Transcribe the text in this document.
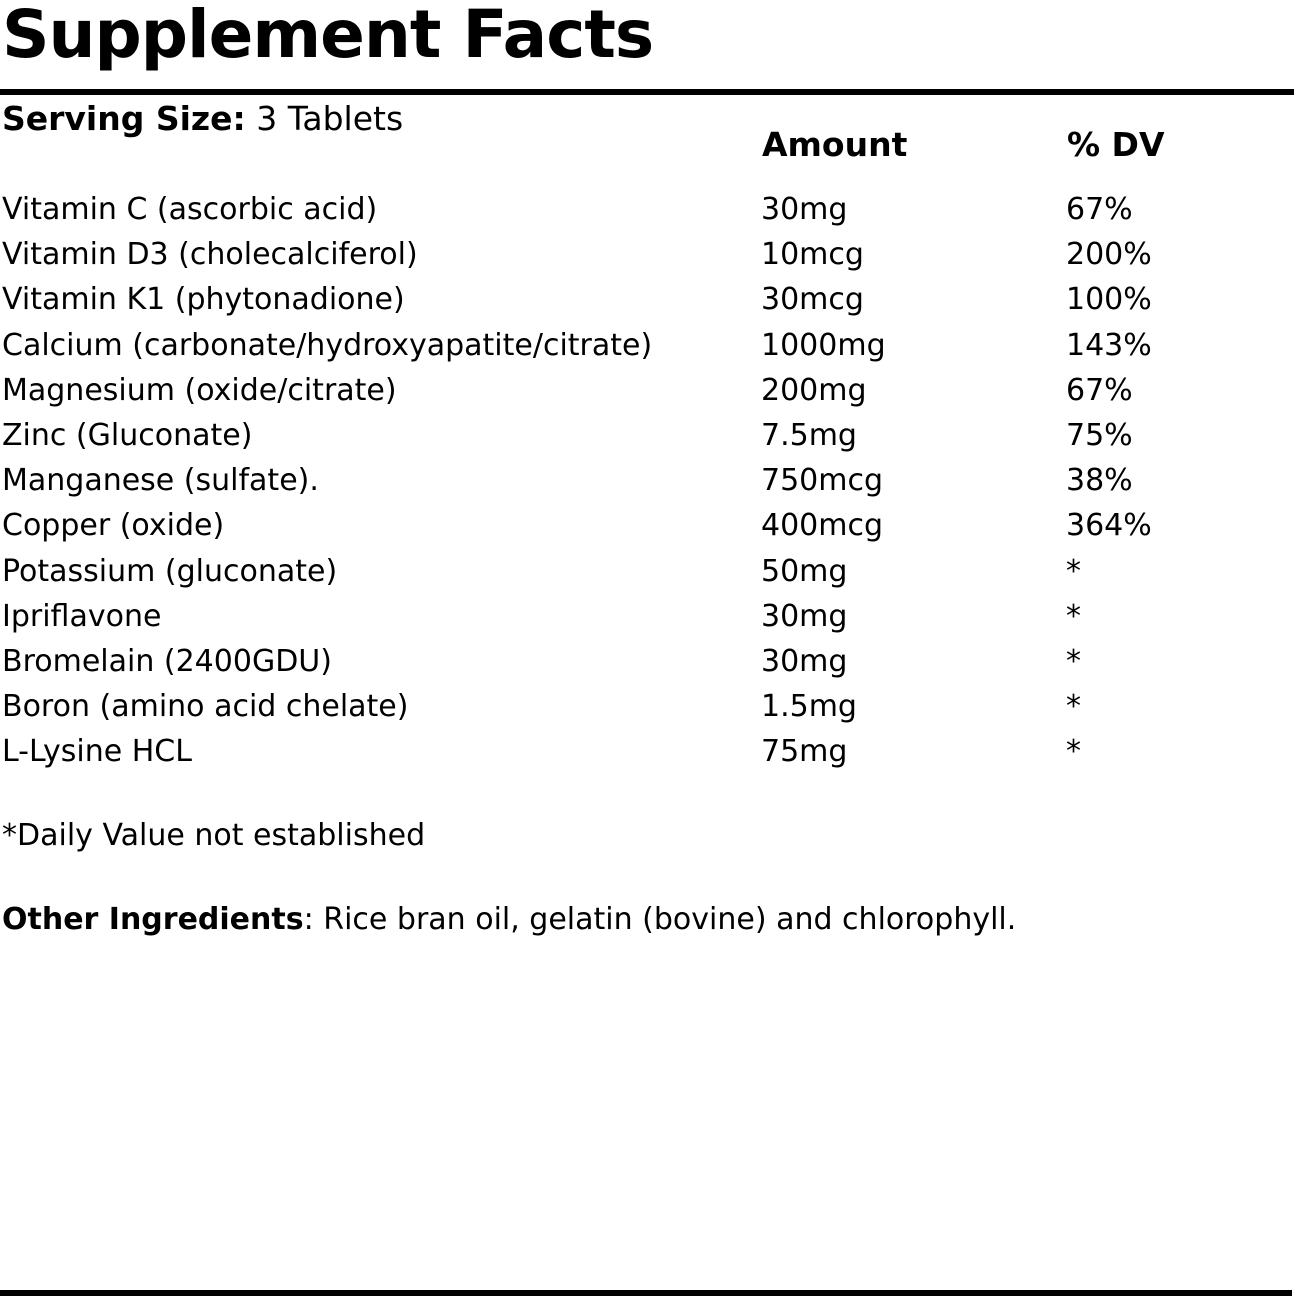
Supplement Facts
Serving Size: 3 Tablets
Amount	% DV
Vitamin C (ascorbic acid)	30mg	67%
Vitamin D3 (cholecalciferol)	10mcg	200%
Vitamin K1 (phytonadione)	30mcg	100%
Calcium (carbonate/hydroxyapatite/citrate)	1000mg	143%
Magnesium (oxide/citrate)	200mg	67%
Zinc (Gluconate)	7.5mg	75%
Manganese (sulfate).	750mcg	38%
Copper (oxide)	400mcg	364%
Potassium (gluconate)	50mg	*
Ipriflavone	30mg	*
Bromelain (2400GDU)	30mg	*
Boron (amino acid chelate)	1.5mg	*
L-Lysine HCL	75mg	*
*Daily Value not established
Other Ingredients: Rice bran oil, gelatin (bovine) and chlorophyll.
